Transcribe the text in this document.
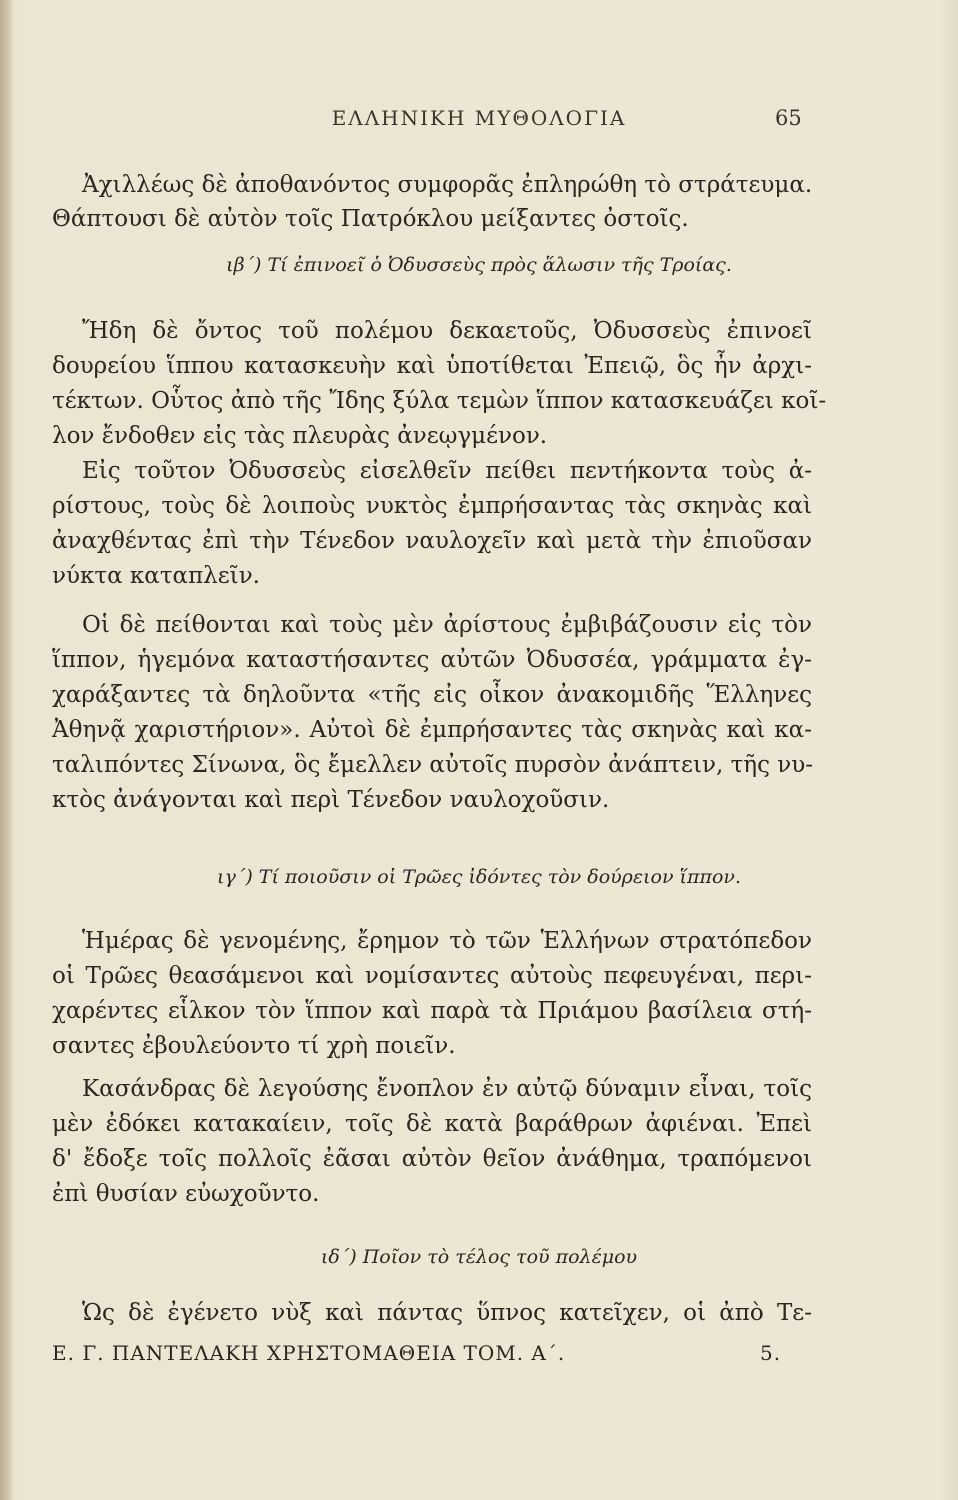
ΕΛΛΗΝΙΚΗ ΜΥΘΟΛΟΓΙΑ	65
Ἀχιλλέως δὲ ἀποθανόντος συμφορᾶς ἐπληρώθη τὸ στράτευμα.
Θάπτουσι δὲ αὐτὸν τοῖς Πατρόκλου μείξαντες ὀστοῖς.
ιβ΄) Τί ἐπινοεῖ ὁ Ὀδυσσεὺς πρὸς ἅλωσιν τῆς Τροίας.
Ἤδη δὲ ὄντος τοῦ πολέμου δεκαετοῦς, Ὀδυσσεὺς ἐπινοεῖ
δουρείου ἵππου κατασκευὴν καὶ ὑποτίθεται Ἐπειῷ, ὃς ἦν ἀρχι-
τέκτων. Οὗτος ἀπὸ τῆς Ἴδης ξύλα τεμὼν ἵππον κατασκευάζει κοῖ-
λον ἔνδοθεν εἰς τὰς πλευρὰς ἀνεῳγμένον.
Εἰς τοῦτον Ὀδυσσεὺς εἰσελθεῖν πείθει πεντήκοντα τοὺς ἀ-
ρίστους, τοὺς δὲ λοιποὺς νυκτὸς ἐμπρήσαντας τὰς σκηνὰς καὶ
ἀναχθέντας ἐπὶ τὴν Τένεδον ναυλοχεῖν καὶ μετὰ τὴν ἐπιοῦσαν
νύκτα καταπλεῖν.
Οἱ δὲ πείθονται καὶ τοὺς μὲν ἀρίστους ἐμβιβάζουσιν εἰς τὸν
ἵππον, ἡγεμόνα καταστήσαντες αὐτῶν Ὀδυσσέα, γράμματα ἐγ-
χαράξαντες τὰ δηλοῦντα «τῆς εἰς οἶκον ἀνακομιδῆς Ἕλληνες
Ἀθηνᾷ χαριστήριον». Αὐτοὶ δὲ ἐμπρήσαντες τὰς σκηνὰς καὶ κα-
ταλιπόντες Σίνωνα, ὃς ἔμελλεν αὐτοῖς πυρσὸν ἀνάπτειν, τῆς νυ-
κτὸς ἀνάγονται καὶ περὶ Τένεδον ναυλοχοῦσιν.
ιγ΄) Τί ποιοῦσιν οἱ Τρῶες ἰδόντες τὸν δούρειον ἵππον.
Ἡμέρας δὲ γενομένης, ἔρημον τὸ τῶν Ἑλλήνων στρατόπεδον
οἱ Τρῶες θεασάμενοι καὶ νομίσαντες αὐτοὺς πεφευγέναι, περι-
χαρέντες εἷλκον τὸν ἵππον καὶ παρὰ τὰ Πριάμου βασίλεια στή-
σαντες ἐβουλεύοντο τί χρὴ ποιεῖν.
Κασάνδρας δὲ λεγούσης ἔνοπλον ἐν αὐτῷ δύναμιν εἶναι, τοῖς
μὲν ἐδόκει κατακαίειν, τοῖς δὲ κατὰ βαράθρων ἀφιέναι. Ἐπεὶ
δ' ἔδοξε τοῖς πολλοῖς ἐᾶσαι αὐτὸν θεῖον ἀνάθημα, τραπόμενοι
ἐπὶ θυσίαν εὐωχοῦντο.
ιδ΄) Ποῖον τὸ τέλος τοῦ πολέμου
Ὡς δὲ ἐγένετο νὺξ καὶ πάντας ὕπνος κατεῖχεν, οἱ ἀπὸ Τε-
Ε. Γ. ΠΑΝΤΕΛΑΚΗ ΧΡΗΣΤΟΜΑΘΕΙΑ ΤΟΜ. Α΄.	5.
